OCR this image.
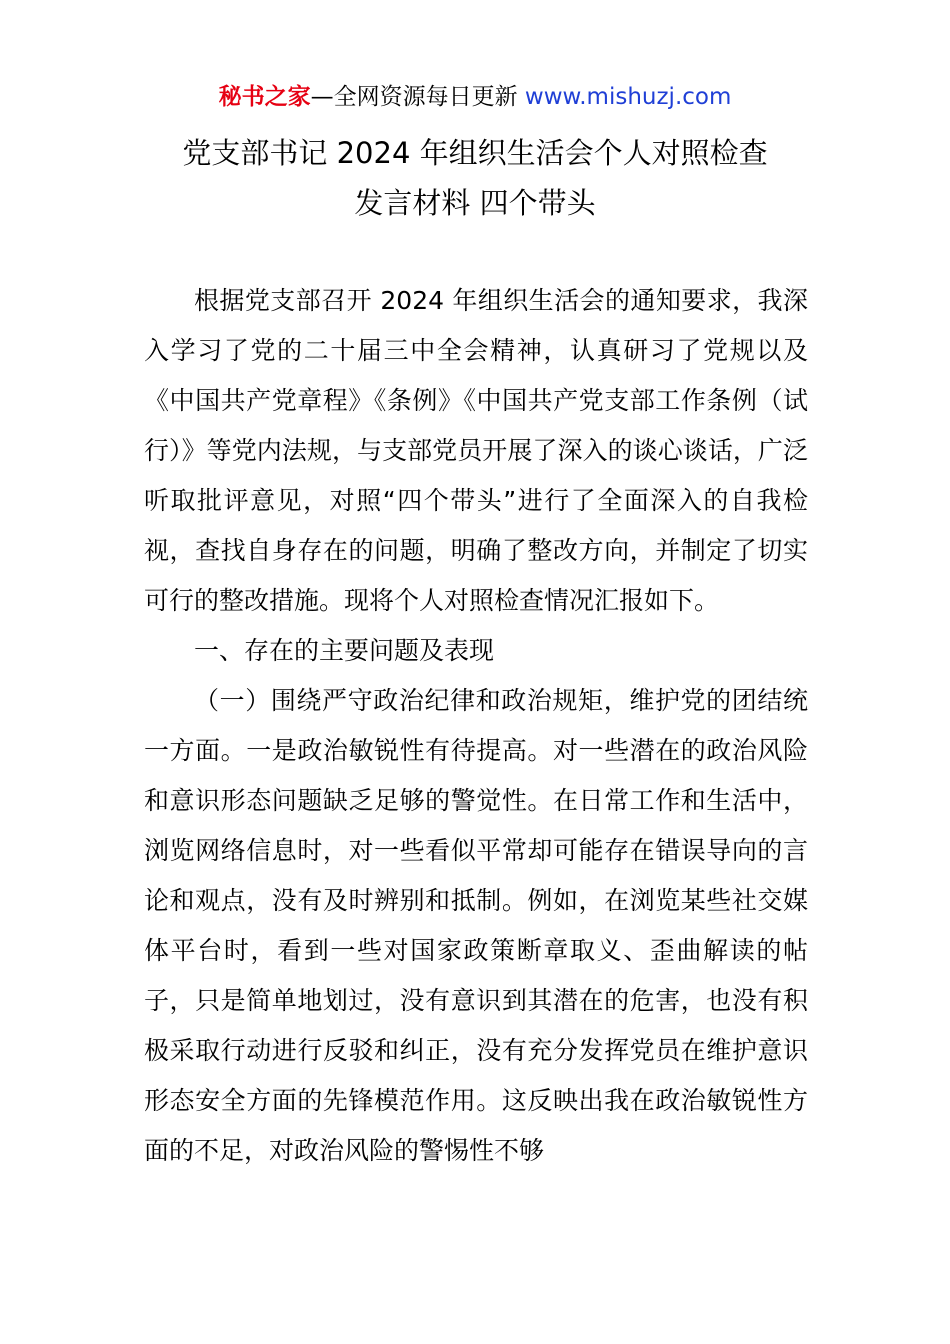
秘书之家—全网资源每日更新 www.mishuzj.com
党支部书记 2024 年组织生活会个人对照检查
发言材料 四个带头

根据党支部召开 2024 年组织生活会的通知要求，我深入学习了党的二十届三中全会精神，认真研习了党规以及《中国共产党章程》《条例》《中国共产党支部工作条例（试行）》等党内法规，与支部党员开展了深入的谈心谈话，广泛听取批评意见，对照“四个带头”进行了全面深入的自我检视，查找自身存在的问题，明确了整改方向，并制定了切实可行的整改措施。现将个人对照检查情况汇报如下。

一、存在的主要问题及表现

（一）围绕严守政治纪律和政治规矩，维护党的团结统一方面。一是政治敏锐性有待提高。对一些潜在的政治风险和意识形态问题缺乏足够的警觉性。在日常工作和生活中，浏览网络信息时，对一些看似平常却可能存在错误导向的言论和观点，没有及时辨别和抵制。例如，在浏览某些社交媒体平台时，看到一些对国家政策断章取义、歪曲解读的帖子，只是简单地划过，没有意识到其潜在的危害，也没有积极采取行动进行反驳和纠正，没有充分发挥党员在维护意识形态安全方面的先锋模范作用。这反映出我在政治敏锐性方面的不足，对政治风险的警惕性不够
